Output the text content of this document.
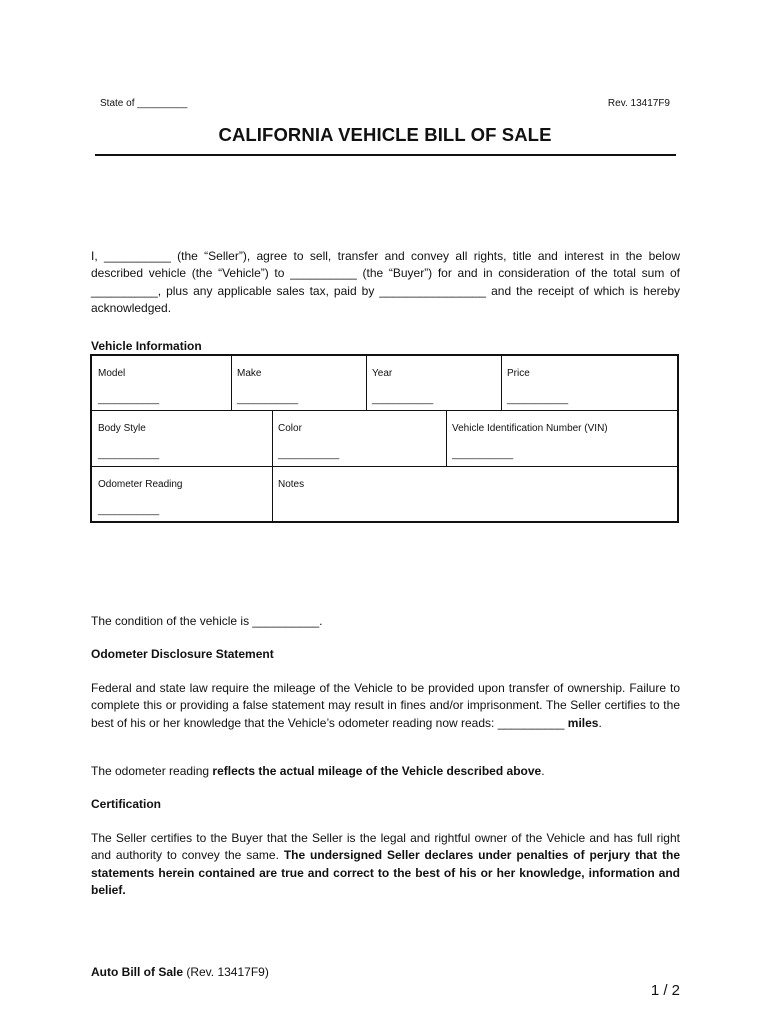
State of _________	Rev. 13417F9
CALIFORNIA VEHICLE BILL OF SALE
I, __________ (the “Seller”), agree to sell, transfer and convey all rights, title and interest in the below described vehicle (the “Vehicle”) to __________ (the “Buyer”) for and in consideration of the total sum of __________, plus any applicable sales tax, paid by ________________ and the receipt of which is hereby acknowledged.
Vehicle Information
Model
___________
Make
___________
Year
___________
Price
___________
Body Style
___________
Color
___________
Vehicle Identification Number (VIN)
___________
Odometer Reading
___________
Notes
The condition of the vehicle is __________.
Odometer Disclosure Statement
Federal and state law require the mileage of the Vehicle to be provided upon transfer of ownership. Failure to complete this or providing a false statement may result in fines and/or imprisonment. The Seller certifies to the best of his or her knowledge that the Vehicle’s odometer reading now reads: __________ miles.
The odometer reading reflects the actual mileage of the Vehicle described above.
Certification
The Seller certifies to the Buyer that the Seller is the legal and rightful owner of the Vehicle and has full right and authority to convey the same. The undersigned Seller declares under penalties of perjury that the statements herein contained are true and correct to the best of his or her knowledge, information and belief.
Auto Bill of Sale (Rev. 13417F9)
1 / 2
